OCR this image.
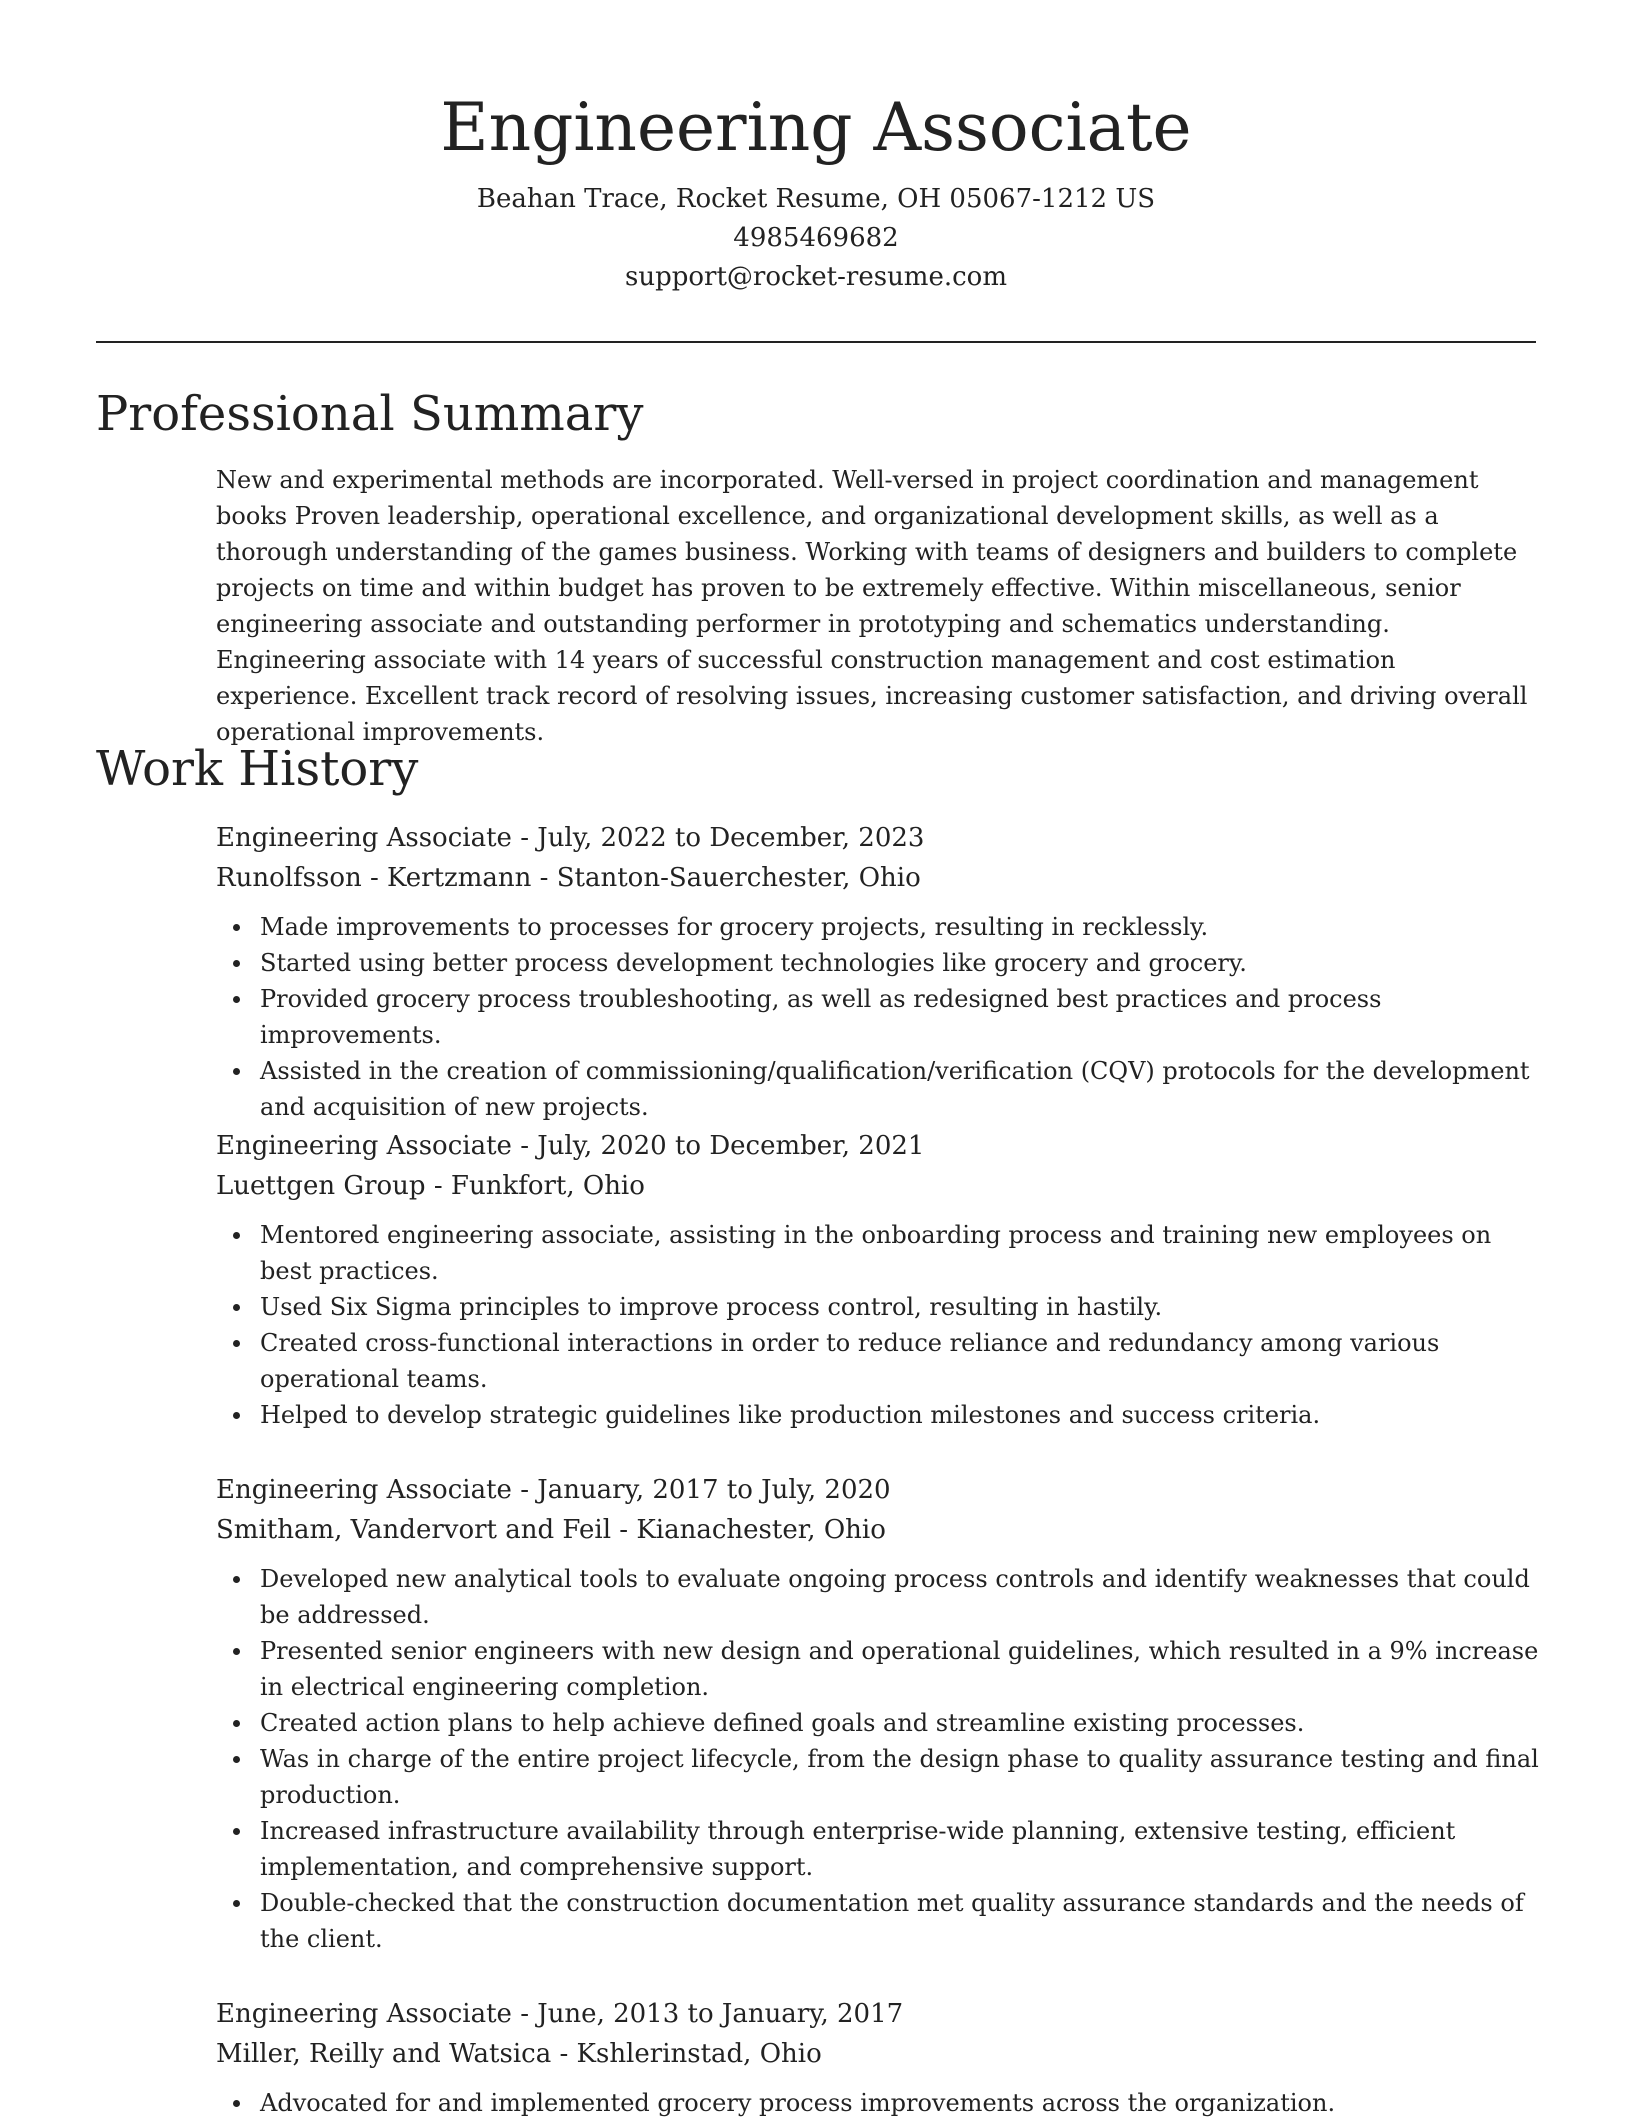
Engineering Associate
Beahan Trace, Rocket Resume, OH 05067-1212 US
4985469682
support@rocket-resume.com
Professional Summary

New and experimental methods are incorporated. Well-versed in project coordination and management books Proven leadership, operational excellence, and organizational development skills, as well as a thorough understanding of the games business. Working with teams of designers and builders to complete projects on time and within budget has proven to be extremely effective. Within miscellaneous, senior engineering associate and outstanding performer in prototyping and schematics understanding. Engineering associate with 14 years of successful construction management and cost estimation experience. Excellent track record of resolving issues, increasing customer satisfaction, and driving overall operational improvements.

Work History
Engineering Associate - July, 2022 to December, 2023
Runolfsson - Kertzmann - Stanton-Sauerchester, Ohio
Made improvements to processes for grocery projects, resulting in recklessly.
Started using better process development technologies like grocery and grocery.
Provided grocery process troubleshooting, as well as redesigned best practices and process improvements.
Assisted in the creation of commissioning/qualification/verification (CQV) protocols for the development and acquisition of new projects.
Engineering Associate - July, 2020 to December, 2021
Luettgen Group - Funkfort, Ohio
Mentored engineering associate, assisting in the onboarding process and training new employees on best practices.
Used Six Sigma principles to improve process control, resulting in hastily.
Created cross-functional interactions in order to reduce reliance and redundancy among various operational teams.
Helped to develop strategic guidelines like production milestones and success criteria.
Engineering Associate - January, 2017 to July, 2020
Smitham, Vandervort and Feil - Kianachester, Ohio
Developed new analytical tools to evaluate ongoing process controls and identify weaknesses that could be addressed.
Presented senior engineers with new design and operational guidelines, which resulted in a 9% increase in electrical engineering completion.
Created action plans to help achieve defined goals and streamline existing processes.
Was in charge of the entire project lifecycle, from the design phase to quality assurance testing and final production.
Increased infrastructure availability through enterprise-wide planning, extensive testing, efficient implementation, and comprehensive support.
Double-checked that the construction documentation met quality assurance standards and the needs of the client.
Engineering Associate - June, 2013 to January, 2017
Miller, Reilly and Watsica - Kshlerinstad, Ohio
Advocated for and implemented grocery process improvements across the organization.
